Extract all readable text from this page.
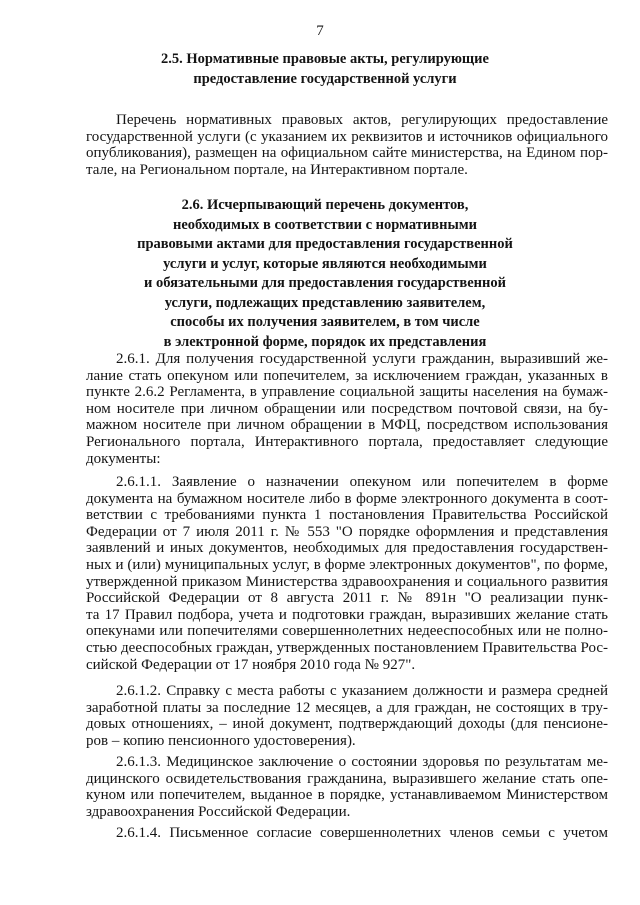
7
2.5. Нормативные правовые акты, регулирующие
предоставление государственной услуги
Перечень нормативных правовых актов, регулирующих предоставление
государственной услуги (с указанием их реквизитов и источников официального
опубликования), размещен на официальном сайте министерства, на Едином пор-
тале, на Региональном портале, на Интерактивном портале.
2.6. Исчерпывающий перечень документов,
необходимых в соответствии с нормативными
правовыми актами для предоставления государственной
услуги и услуг, которые являются необходимыми
и обязательными для предоставления государственной
услуги, подлежащих представлению заявителем,
способы их получения заявителем, в том числе
в электронной форме, порядок их представления
2.6.1. Для получения государственной услуги гражданин, выразивший же-
лание стать опекуном или попечителем, за исключением граждан, указанных в
пункте 2.6.2 Регламента, в управление социальной защиты населения на бумаж-
ном носителе при личном обращении или посредством почтовой связи, на бу-
мажном носителе при личном обращении в МФЦ, посредством использования
Регионального портала, Интерактивного портала, предоставляет следующие
документы:
2.6.1.1. Заявление о назначении опекуном или попечителем в форме
документа на бумажном носителе либо в форме электронного документа в соот-
ветствии с требованиями пункта 1 постановления Правительства Российской
Федерации от 7 июля 2011 г. № 553 "О порядке оформления и представления
заявлений и иных документов, необходимых для предоставления государствен-
ных и (или) муниципальных услуг, в форме электронных документов", по форме,
утвержденной приказом Министерства здравоохранения и социального развития
Российской Федерации от 8 августа 2011 г. № 891н "О реализации пунк-
та 17 Правил подбора, учета и подготовки граждан, выразивших желание стать
опекунами или попечителями совершеннолетних недееспособных или не полно-
стью дееспособных граждан, утвержденных постановлением Правительства Рос-
сийской Федерации от 17 ноября 2010 года № 927".
2.6.1.2. Справку с места работы с указанием должности и размера средней
заработной платы за последние 12 месяцев, а для граждан, не состоящих в тру-
довых отношениях, – иной документ, подтверждающий доходы (для пенсионе-
ров – копию пенсионного удостоверения).
2.6.1.3. Медицинское заключение о состоянии здоровья по результатам ме-
дицинского освидетельствования гражданина, выразившего желание стать опе-
куном или попечителем, выданное в порядке, устанавливаемом Министерством
здравоохранения Российской Федерации.
2.6.1.4. Письменное согласие совершеннолетних членов семьи с учетом
